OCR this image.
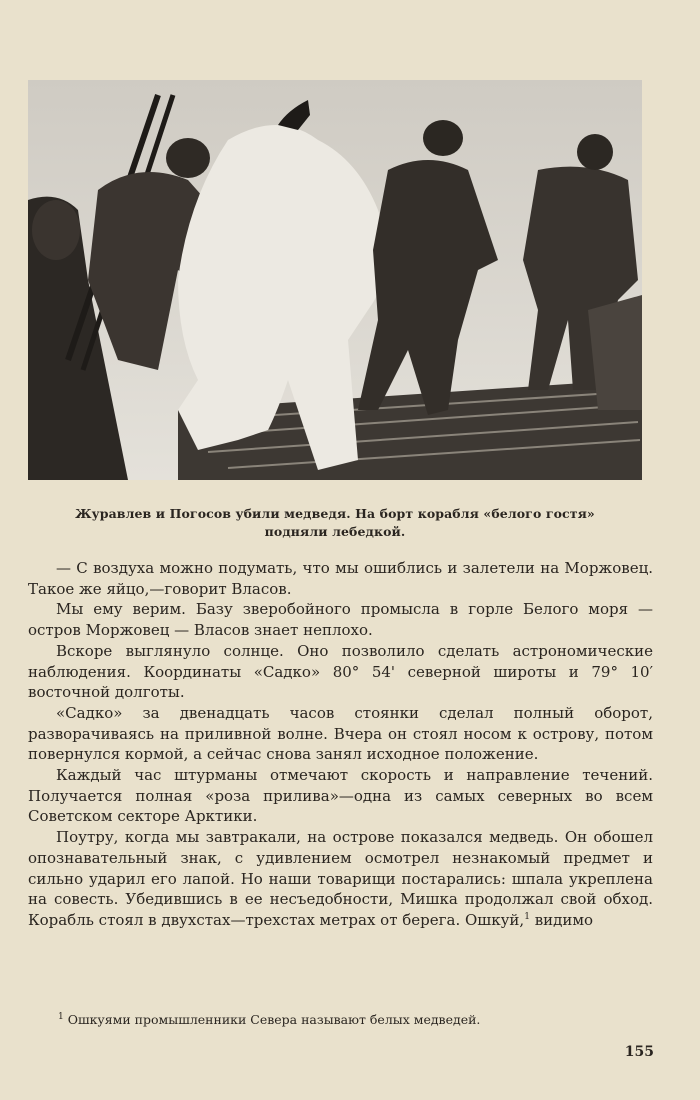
Журавлев и Погосов убили медведя. На борт корабля «белого гостя»
подняли лебедкой.

— С воздуха можно подумать, что мы ошиблись и залетели на Моржовец. Такое же яйцо,—говорит Власов.

Мы ему верим. Базу зверобойного промысла в горле Белого моря — остров Моржовец — Власов знает неплохо.

Вскоре выглянуло солнце. Оно позволило сделать астрономические наблюдения. Координаты «Садко» 80° 54' северной широты и 79° 10′ восточной долготы.

«Садко» за двенадцать часов стоянки сделал полный оборот, разворачиваясь на приливной волне. Вчера он стоял носом к острову, потом повернулся кормой, а сейчас снова занял исходное положение.

Каждый час штурманы отмечают скорость и направление течений. Получается полная «роза прилива»—одна из самых северных во всем Советском секторе Арктики.

Поутру, когда мы завтракали, на острове показался медведь. Он обошел опознавательный знак, с удивлением осмотрел незнакомый предмет и сильно ударил его лапой. Но наши товарищи постарались: шпала укреплена на совесть. Убедившись в ее несъедобности, Мишка продолжал свой обход. Корабль стоял в двухстах—трехстах метрах от берега. Ошкуй,$^1$ видимо

$^1$ Ошкуями промышленники Севера называют белых медведей.
155
